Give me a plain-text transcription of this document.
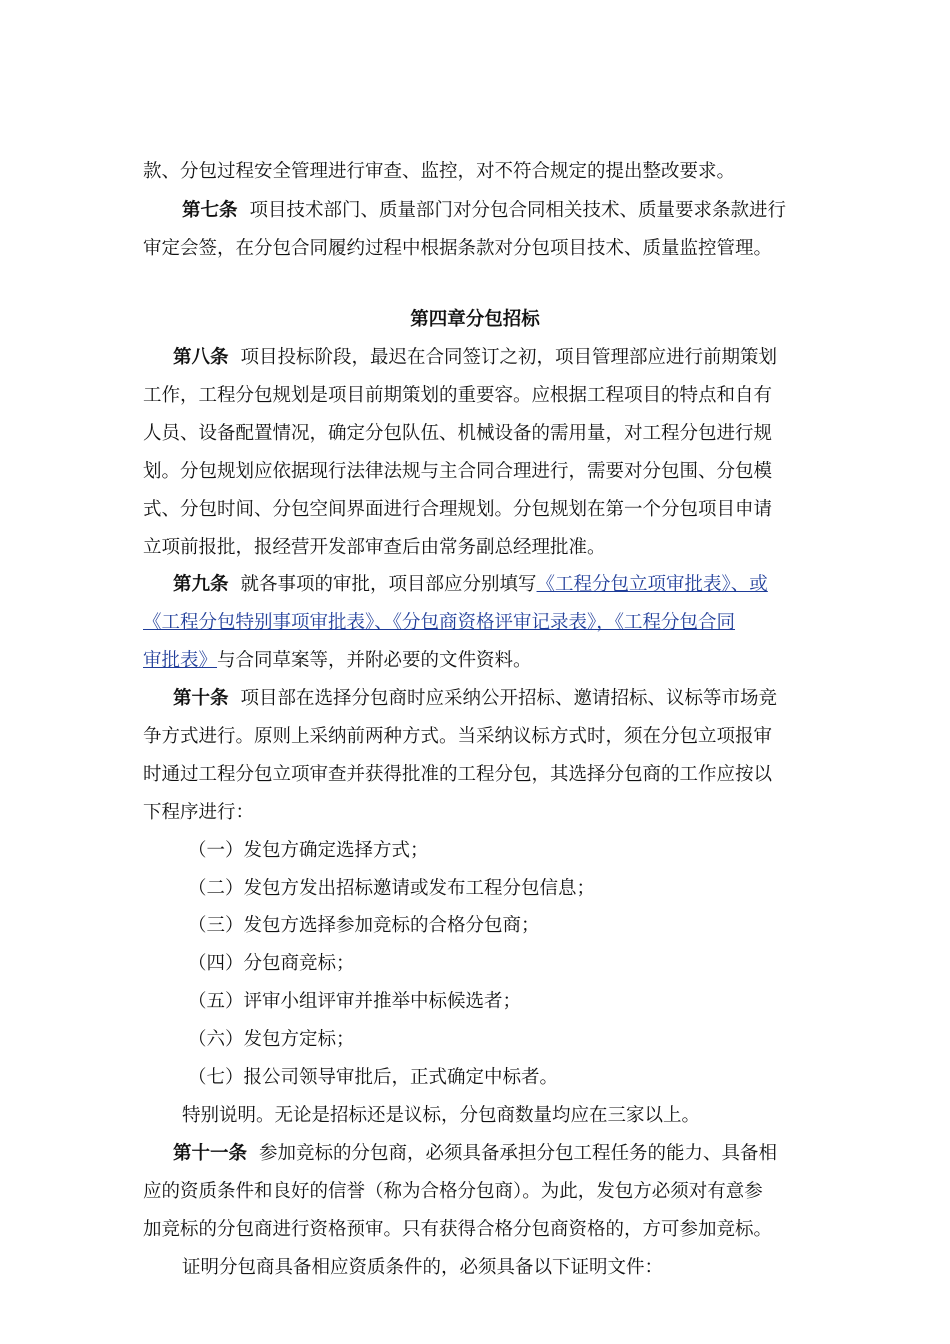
款、分包过程安全管理进行审查、监控，对不符合规定的提出整改要求。
第七条 项目技术部门、质量部门对分包合同相关技术、质量要求条款进行
审定会签，在分包合同履约过程中根据条款对分包项目技术、质量监控管理。
第四章分包招标
第八条 项目投标阶段，最迟在合同签订之初，项目管理部应进行前期策划
工作，工程分包规划是项目前期策划的重要容。应根据工程项目的特点和自有
人员、设备配置情况，确定分包队伍、机械设备的需用量，对工程分包进行规
划。分包规划应依据现行法律法规与主合同合理进行，需要对分包围、分包模
式、分包时间、分包空间界面进行合理规划。分包规划在第一个分包项目申请
立项前报批，报经营开发部审查后由常务副总经理批准。
第九条 就各事项的审批，项目部应分别填写《工程分包立项审批表》、或
《工程分包特别事项审批表》、《分包商资格评审记录表》，《工程分包合同
审批表》与合同草案等，并附必要的文件资料。
第十条 项目部在选择分包商时应采纳公开招标、邀请招标、议标等市场竞
争方式进行。原则上采纳前两种方式。当采纳议标方式时，须在分包立项报审
时通过工程分包立项审查并获得批准的工程分包，其选择分包商的工作应按以
下程序进行：
（一）发包方确定选择方式；
（二）发包方发出招标邀请或发布工程分包信息；
（三）发包方选择参加竞标的合格分包商；
（四）分包商竞标；
（五）评审小组评审并推举中标候选者；
（六）发包方定标；
（七）报公司领导审批后，正式确定中标者。
特别说明。无论是招标还是议标，分包商数量均应在三家以上。
第十一条 参加竞标的分包商，必须具备承担分包工程任务的能力、具备相
应的资质条件和良好的信誉（称为合格分包商）。为此，发包方必须对有意参
加竞标的分包商进行资格预审。只有获得合格分包商资格的，方可参加竞标。
证明分包商具备相应资质条件的，必须具备以下证明文件：
